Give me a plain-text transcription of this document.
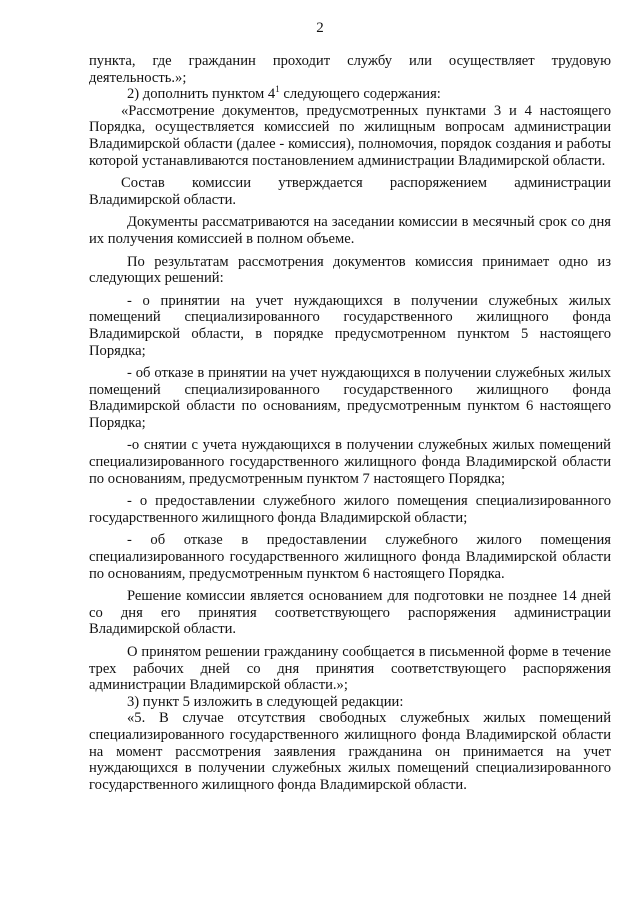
2

пункта, где гражданин проходит службу или осуществляет трудовую деятельность.»;

2) дополнить пунктом $4^1$ следующего содержания:

«Рассмотрение документов, предусмотренных пунктами 3 и 4 настоящего Порядка, осуществляется комиссией по жилищным вопросам администрации Владимирской области (далее - комиссия), полномочия, порядок создания и работы которой устанавливаются постановлением администрации Владимирской области.

Состав комиссии утверждается распоряжением администрации Владимирской области.

Документы рассматриваются на заседании комиссии в месячный срок со дня их получения комиссией в полном объеме.

По результатам рассмотрения документов комиссия принимает одно из следующих решений:

- о принятии на учет нуждающихся в получении служебных жилых помещений специализированного государственного жилищного фонда Владимирской области, в порядке предусмотренном пунктом 5 настоящего Порядка;

- об отказе в принятии на учет нуждающихся в получении служебных жилых помещений специализированного государственного жилищного фонда Владимирской области по основаниям, предусмотренным пунктом 6 настоящего Порядка;

-о снятии с учета нуждающихся в получении служебных жилых помещений специализированного государственного жилищного фонда Владимирской области по основаниям, предусмотренным пунктом 7 настоящего Порядка;

- о предоставлении служебного жилого помещения специализированного государственного жилищного фонда Владимирской области;

- об отказе в предоставлении служебного жилого помещения специализированного государственного жилищного фонда Владимирской области по основаниям, предусмотренным пунктом 6 настоящего Порядка.

Решение комиссии является основанием для подготовки не позднее 14 дней со дня его принятия соответствующего распоряжения администрации Владимирской области.

О принятом решении гражданину сообщается в письменной форме в течение трех рабочих дней со дня принятия соответствующего распоряжения администрации Владимирской области.»;

3) пункт 5 изложить в следующей редакции:

«5. В случае отсутствия свободных служебных жилых помещений специализированного государственного жилищного фонда Владимирской области на момент рассмотрения заявления гражданина он принимается на учет нуждающихся в получении служебных жилых помещений специализированного государственного жилищного фонда Владимирской области.
